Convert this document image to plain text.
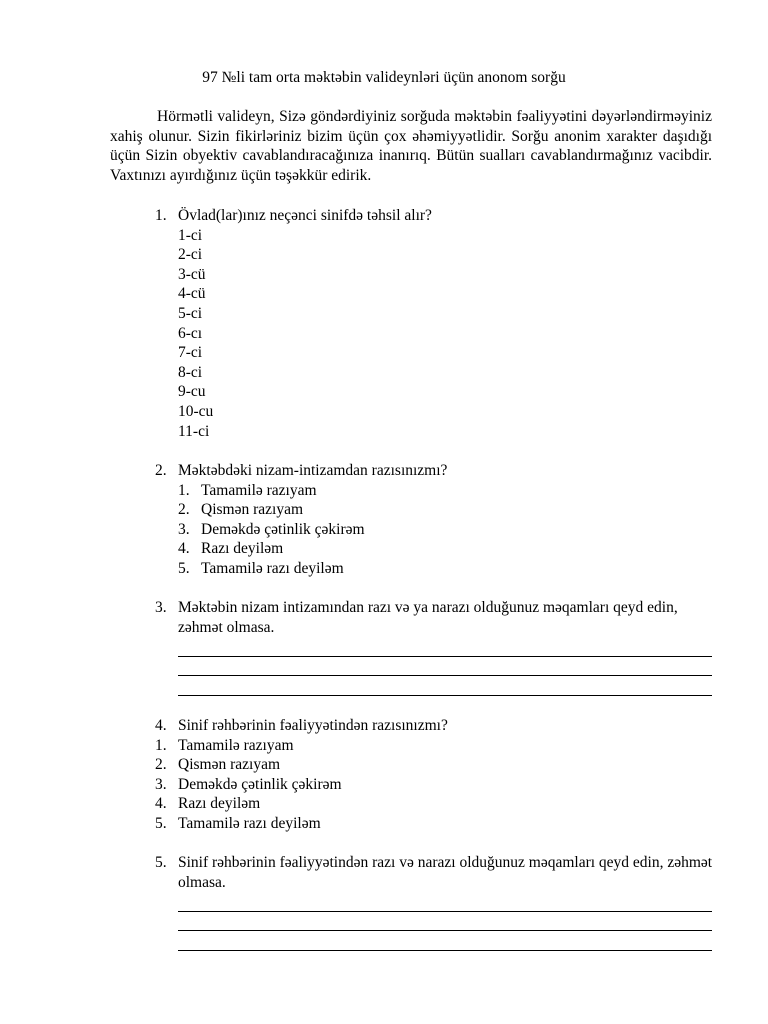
97 №li tam orta məktəbin valideynləri üçün anonom sorğu

Hörmətli valideyn, Sizə göndərdiyiniz sorğuda məktəbin fəaliyyətini dəyərləndirməyiniz xahiş olunur. Sizin fikirləriniz bizim üçün çox əhəmiyyətlidir. Sorğu anonim xarakter daşıdığı üçün Sizin obyektiv cavablandıracağınıza inanırıq. Bütün sualları cavablandırmağınız vacibdir. Vaxtınızı ayırdığınız üçün təşəkkür edirik.

1. Övlad(lar)ınız neçənci sinifdə təhsil alır?
1-ci
2-ci
3-cü
4-cü
5-ci
6-cı
7-ci
8-ci
9-cu
10-cu
11-ci
2. Məktəbdəki nizam-intizamdan razısınızmı?
1. Tamamilə razıyam
2. Qismən razıyam
3. Deməkdə çətinlik çəkirəm
4. Razı deyiləm
5. Tamamilə razı deyiləm
3. Məktəbin nizam intizamından razı və ya narazı olduğunuz məqamları qeyd edin, zəhmət olmasa.
4. Sinif rəhbərinin fəaliyyətindən razısınızmı?
1. Tamamilə razıyam
2. Qismən razıyam
3. Deməkdə çətinlik çəkirəm
4. Razı deyiləm
5. Tamamilə razı deyiləm
5. Sinif rəhbərinin fəaliyyətindən razı və narazı olduğunuz məqamları qeyd edin, zəhmət olmasa.
